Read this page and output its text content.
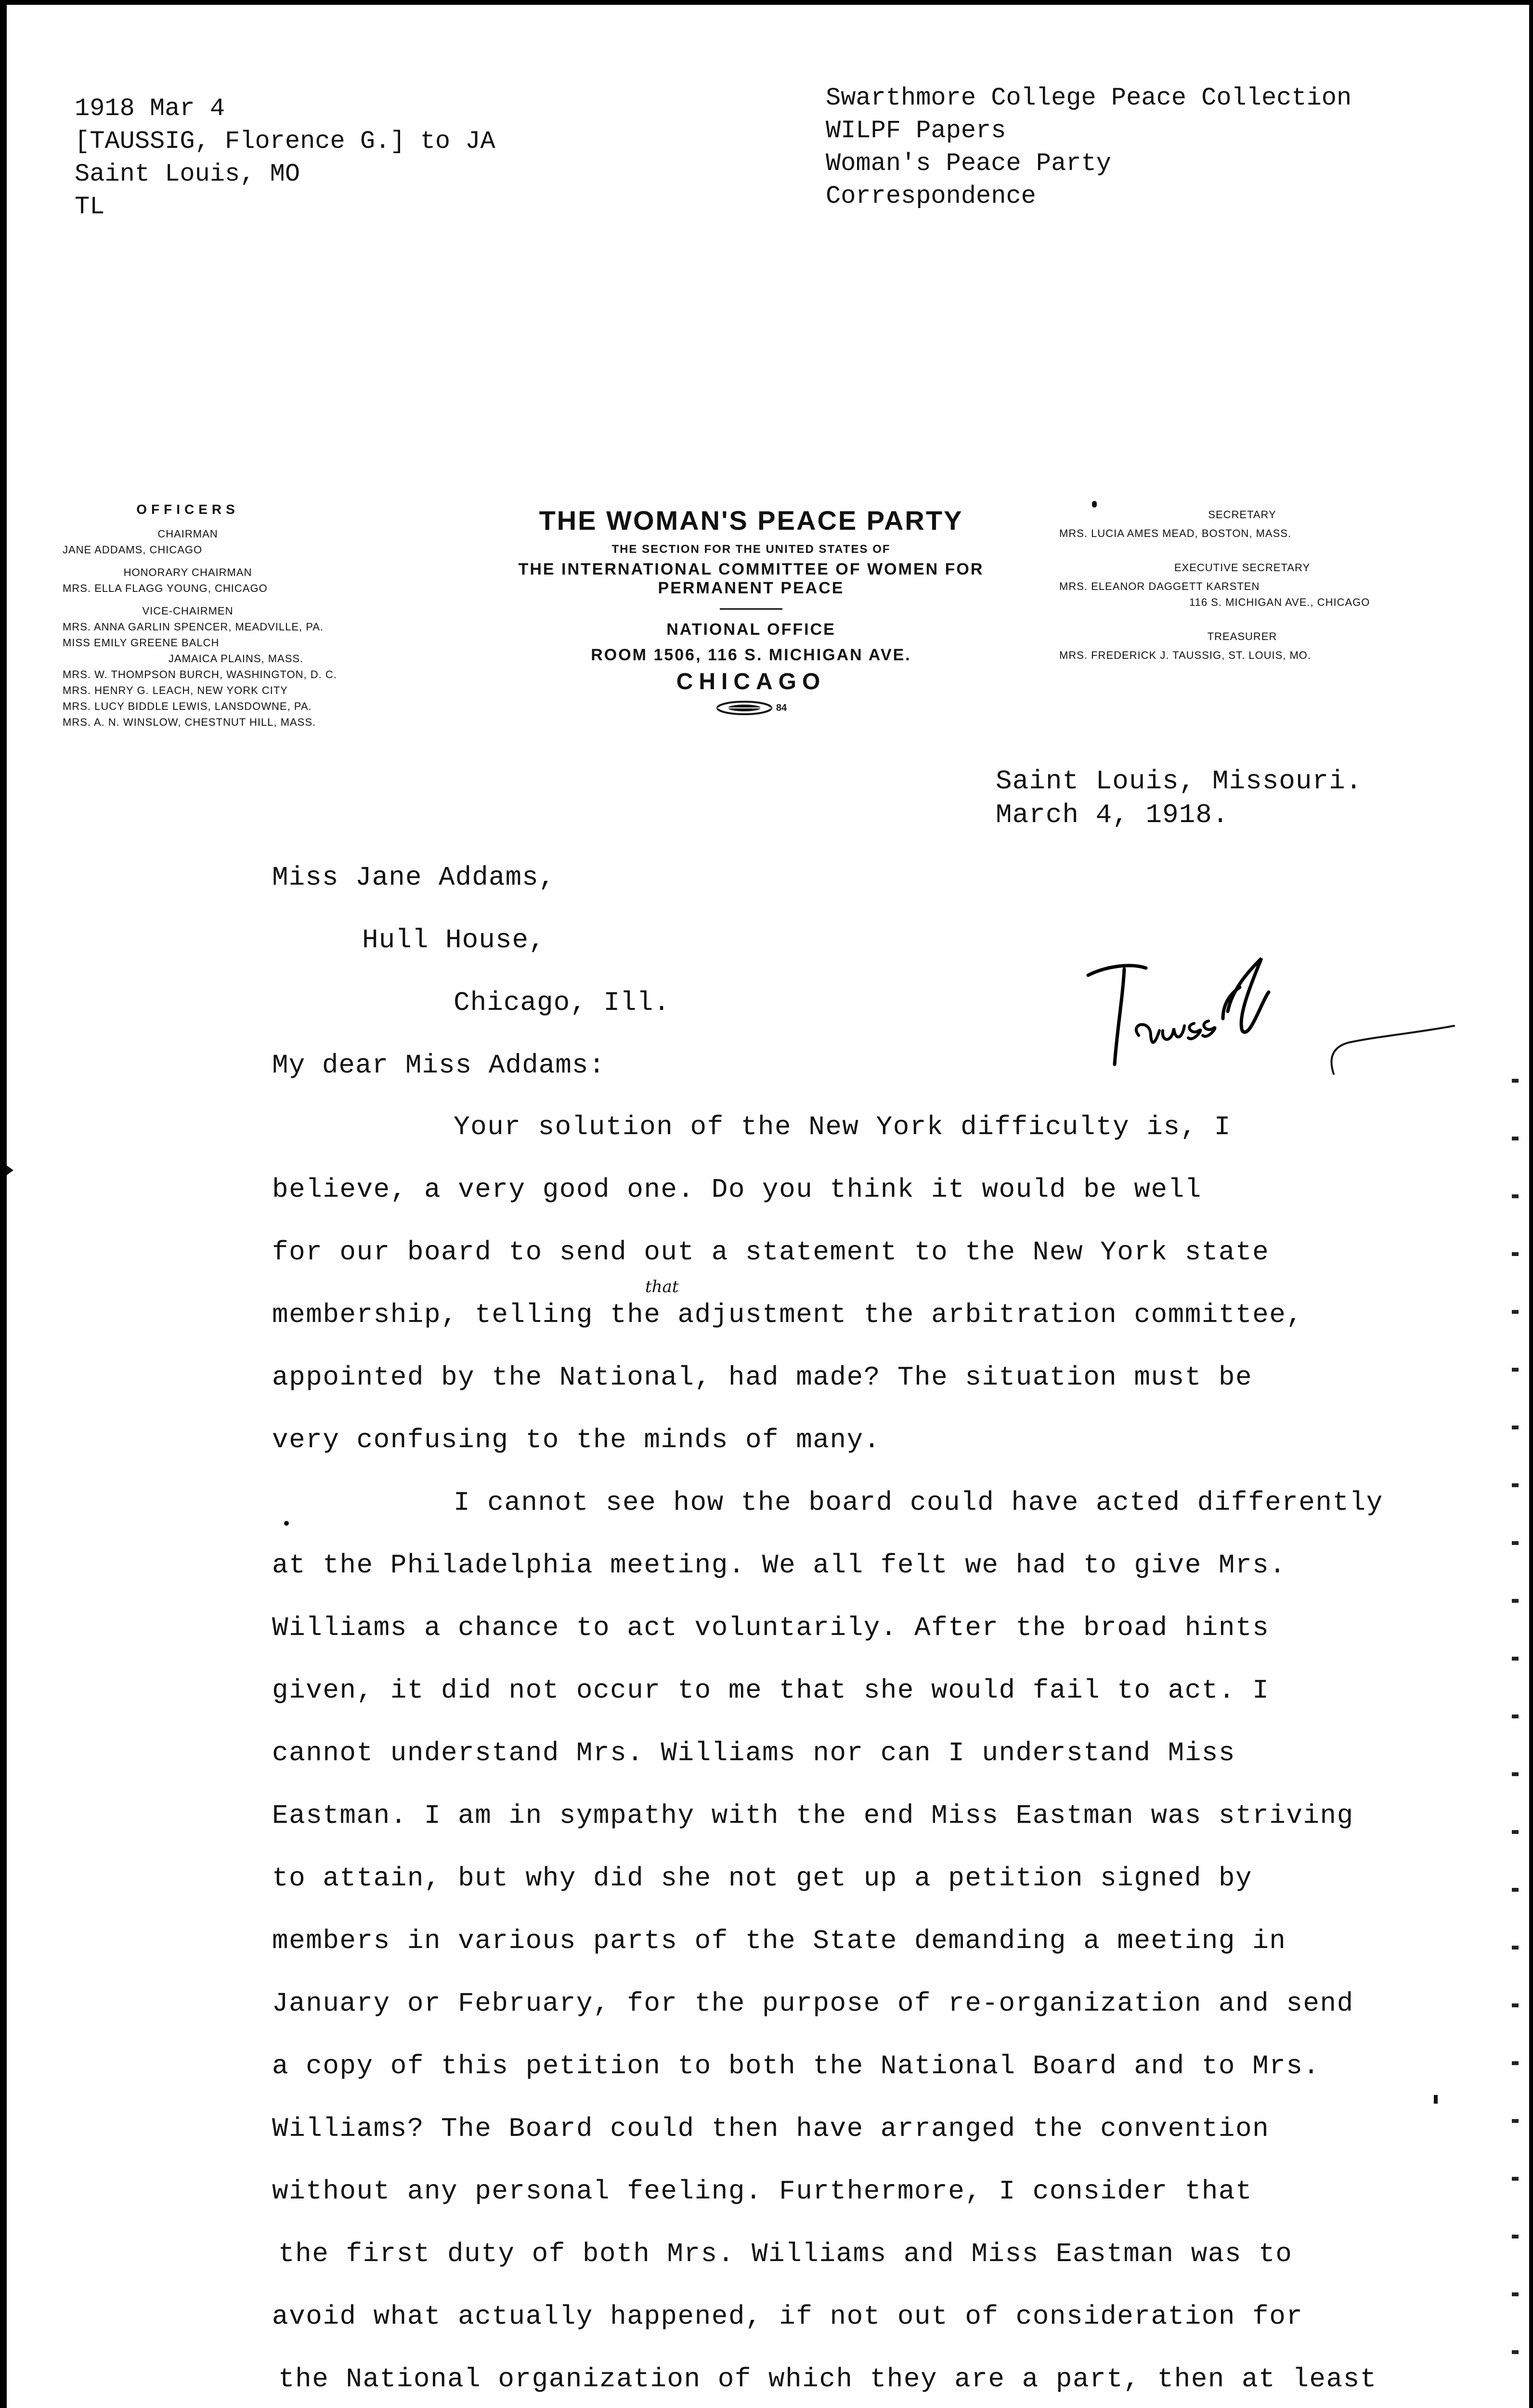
1918 Mar 4
[TAUSSIG, Florence G.] to JA
Saint Louis, MO
TL
Swarthmore College Peace Collection
WILPF Papers
Woman's Peace Party
Correspondence
OFFICERS
CHAIRMAN
JANE ADDAMS, CHICAGO
HONORARY CHAIRMAN
MRS. ELLA FLAGG YOUNG, CHICAGO
VICE-CHAIRMEN
MRS. ANNA GARLIN SPENCER, MEADVILLE, PA.
MISS EMILY GREENE BALCH
JAMAICA PLAINS, MASS.
MRS. W. THOMPSON BURCH, WASHINGTON, D. C.
MRS. HENRY G. LEACH, NEW YORK CITY
MRS. LUCY BIDDLE LEWIS, LANSDOWNE, PA.
MRS. A. N. WINSLOW, CHESTNUT HILL, MASS.
THE WOMAN'S PEACE PARTY
THE SECTION FOR THE UNITED STATES OF
THE INTERNATIONAL COMMITTEE OF WOMEN FOR
PERMANENT PEACE
NATIONAL OFFICE
ROOM 1506, 116 S. MICHIGAN AVE.
CHICAGO
84
SECRETARY
MRS. LUCIA AMES MEAD, BOSTON, MASS.
EXECUTIVE SECRETARY
MRS. ELEANOR DAGGETT KARSTEN
116 S. MICHIGAN AVE., CHICAGO
TREASURER
MRS. FREDERICK J. TAUSSIG, ST. LOUIS, MO.
Saint Louis, Missouri.
March 4, 1918.
Miss Jane Addams,
Hull House,
Chicago, Ill.
My dear Miss Addams:
Your solution of the New York difficulty is, I
believe, a very good one. Do you think it would be well
for our board to send out a statement to the New York state
membership, telling the adjustment the arbitration committee,
that
appointed by the National, had made? The situation must be
very confusing to the minds of many.
I cannot see how the board could have acted differently
at the Philadelphia meeting. We all felt we had to give Mrs.
Williams a chance to act voluntarily. After the broad hints
given, it did not occur to me that she would fail to act. I
cannot understand Mrs. Williams nor can I understand Miss
Eastman. I am in sympathy with the end Miss Eastman was striving
to attain, but why did she not get up a petition signed by
members in various parts of the State demanding a meeting in
January or February, for the purpose of re-organization and send
a copy of this petition to both the National Board and to Mrs.
Williams? The Board could then have arranged the convention
without any personal feeling. Furthermore, I consider that
the first duty of both Mrs. Williams and Miss Eastman was to
avoid what actually happened, if not out of consideration for
the National organization of which they are a part, then at least
